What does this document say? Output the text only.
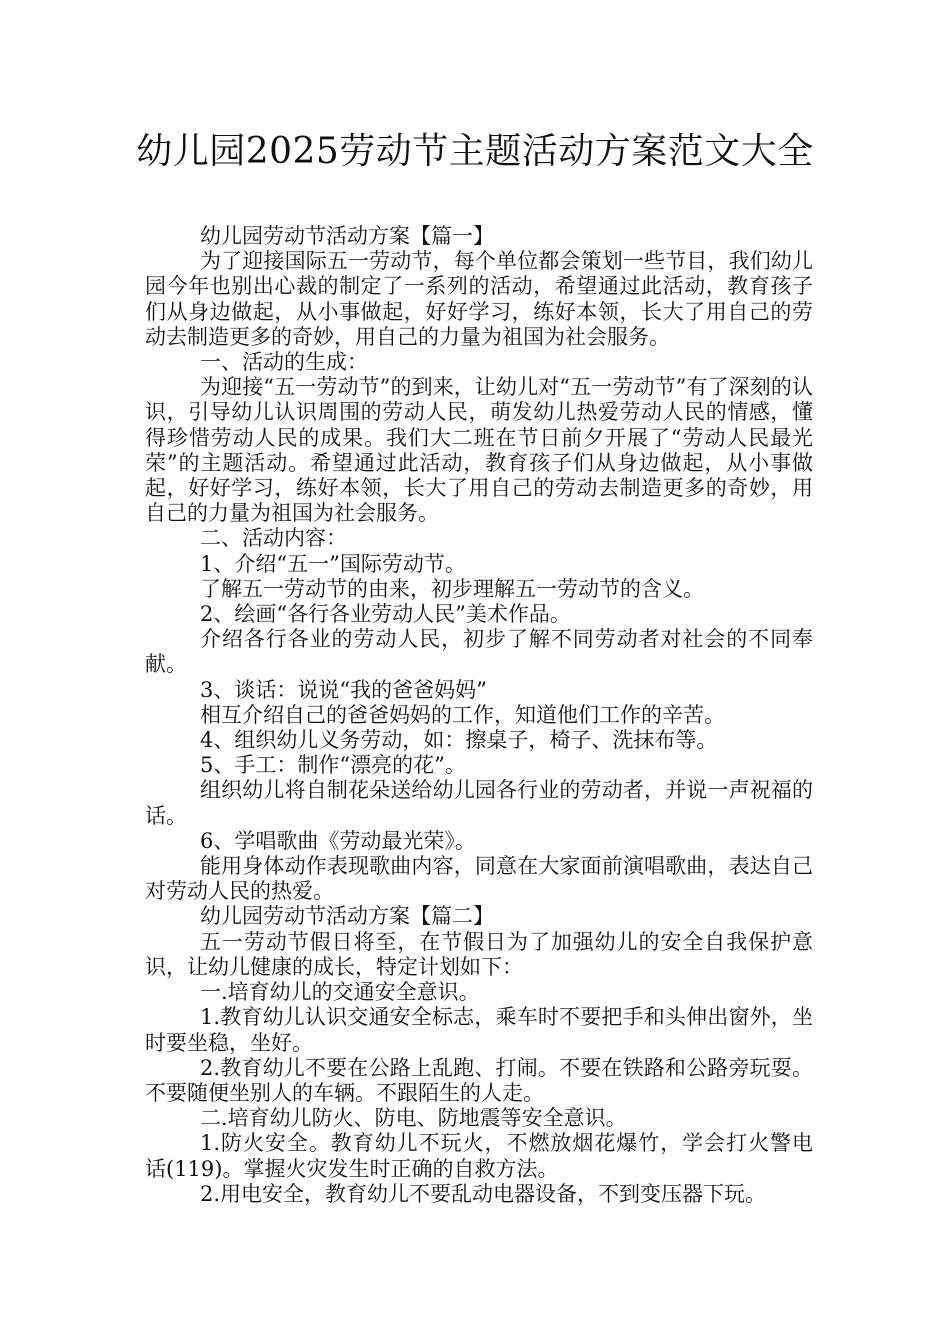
幼儿园2025劳动节主题活动方案范文大全

幼儿园劳动节活动方案【篇一】

为了迎接国际五一劳动节，每个单位都会策划一些节目，我们幼儿园今年也别出心裁的制定了一系列的活动，希望通过此活动，教育孩子们从身边做起，从小事做起，好好学习，练好本领，长大了用自己的劳动去制造更多的奇妙，用自己的力量为祖国为社会服务。

一、活动的生成：

为迎接“五一劳动节”的到来，让幼儿对“五一劳动节”有了深刻的认识，引导幼儿认识周围的劳动人民，萌发幼儿热爱劳动人民的情感，懂得珍惜劳动人民的成果。我们大二班在节日前夕开展了“劳动人民最光荣”的主题活动。希望通过此活动，教育孩子们从身边做起，从小事做起，好好学习，练好本领，长大了用自己的劳动去制造更多的奇妙，用自己的力量为祖国为社会服务。

二、活动内容：

1、介绍“五一”国际劳动节。

了解五一劳动节的由来，初步理解五一劳动节的含义。

2、绘画“各行各业劳动人民”美术作品。

介绍各行各业的劳动人民，初步了解不同劳动者对社会的不同奉献。

3、谈话：说说“我的爸爸妈妈”

相互介绍自己的爸爸妈妈的工作，知道他们工作的辛苦。

4、组织幼儿义务劳动，如：擦桌子，椅子、洗抹布等。

5、手工：制作“漂亮的花”。

组织幼儿将自制花朵送给幼儿园各行业的劳动者，并说一声祝福的话。

6、学唱歌曲《劳动最光荣》。

能用身体动作表现歌曲内容，同意在大家面前演唱歌曲，表达自己对劳动人民的热爱。

幼儿园劳动节活动方案【篇二】

五一劳动节假日将至，在节假日为了加强幼儿的安全自我保护意识，让幼儿健康的成长，特定计划如下：

一.培育幼儿的交通安全意识。

1.教育幼儿认识交通安全标志，乘车时不要把手和头伸出窗外，坐时要坐稳，坐好。

2.教育幼儿不要在公路上乱跑、打闹。不要在铁路和公路旁玩耍。不要随便坐别人的车辆。不跟陌生的人走。

二.培育幼儿防火、防电、防地震等安全意识。

1.防火安全。教育幼儿不玩火，不燃放烟花爆竹，学会打火警电 话(119)。掌握火灾发生时正确的自救方法。

2.用电安全，教育幼儿不要乱动电器设备，不到变压器下玩。
